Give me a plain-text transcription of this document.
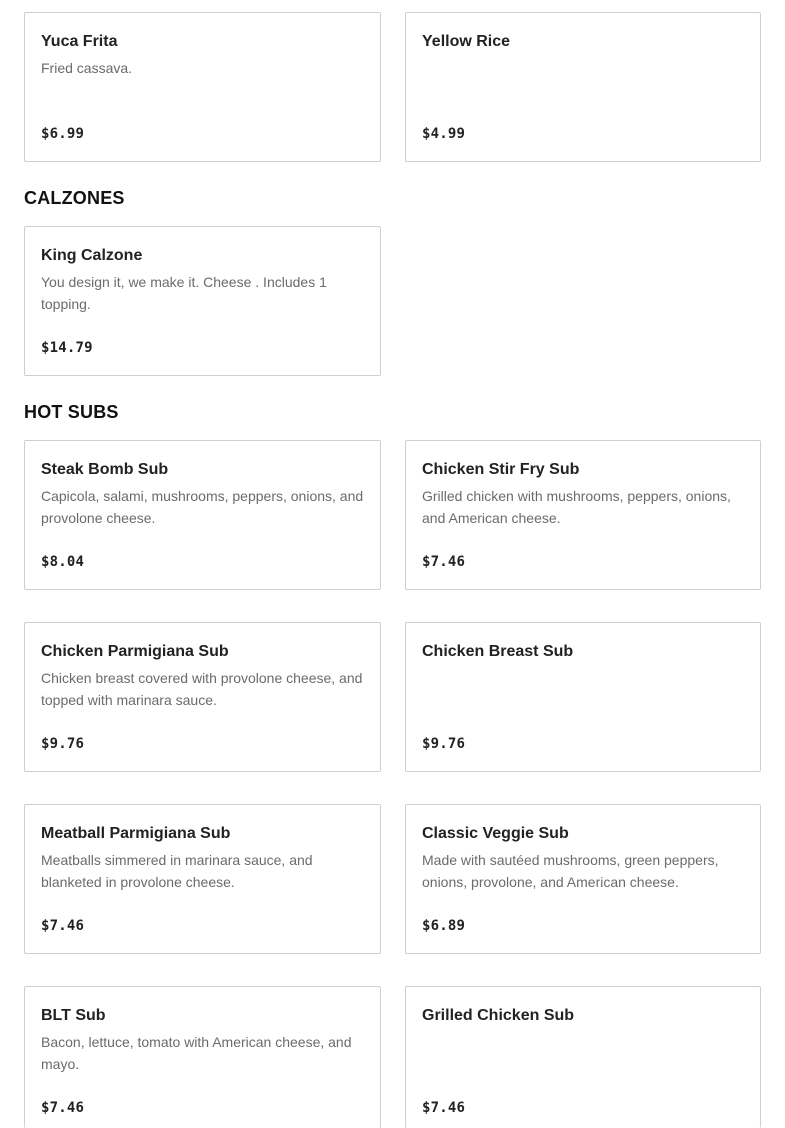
Yuca Frita
Fried cassava.
$6.99
Yellow Rice
$4.99
CALZONES
King Calzone
You design it, we make it. Cheese . Includes 1 topping.
$14.79
HOT SUBS
Steak Bomb Sub
Capicola, salami, mushrooms, peppers, onions, and provolone cheese.
$8.04
Chicken Stir Fry Sub
Grilled chicken with mushrooms, peppers, onions, and American cheese.
$7.46
Chicken Parmigiana Sub
Chicken breast covered with provolone cheese, and topped with marinara sauce.
$9.76
Chicken Breast Sub
$9.76
Meatball Parmigiana Sub
Meatballs simmered in marinara sauce, and blanketed in provolone cheese.
$7.46
Classic Veggie Sub
Made with sautéed mushrooms, green peppers, onions, provolone, and American cheese.
$6.89
BLT Sub
Bacon, lettuce, tomato with American cheese, and mayo.
$7.46
Grilled Chicken Sub
$7.46
